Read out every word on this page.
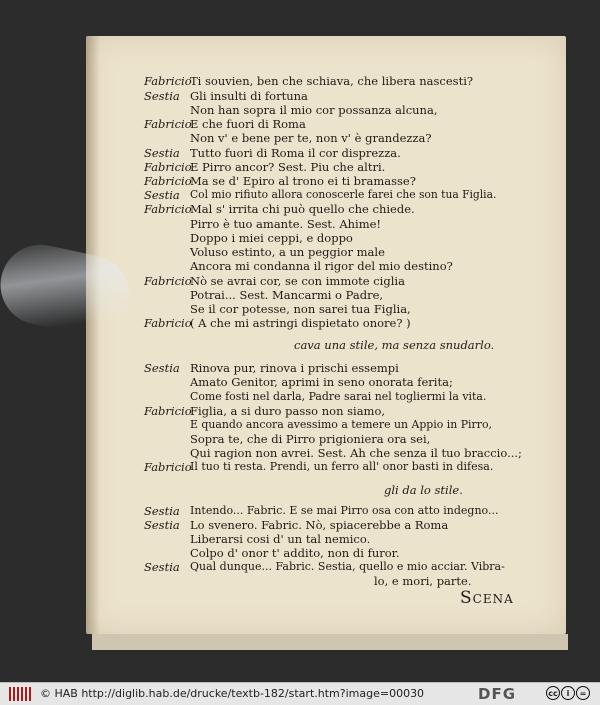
Fabricio
Ti souvien, ben che schiava, che libera nascesti?
Sestia Gli insulti di fortuna
Non han sopra il mio cor possanza alcuna,
Fabricio
E che fuori di Roma
Non v' e bene per te, non v' è grandezza?
Sestia Tutto fuori di Roma il cor disprezza.
Fabricio
E Pirro ancor? Sest. Piu che altri.
Fabricio
Ma se d' Epiro al trono ei ti bramasse?
Sestia Col mio rifiuto allora conoscerle farei che son tua Figlia.
Fabricio
Mal s' irrita chi può quello che chiede.
Pirro è tuo amante. Sest. Ahime!
Doppo i miei ceppi, e doppo
Voluso estinto, a un peggior male
Ancora mi condanna il rigor del mio destino?
Fabricio
Nò se avrai cor, se con immote ciglia
Potrai... Sest. Mancarmi o Padre,
Se il cor potesse, non sarei tua Figlia,
Fabricio
( A che mi astringi dispietato onore? )
cava una stile, ma senza snudarlo.
Sestia Rinova pur, rinova i prischi essempi
Amato Genitor, aprimi in seno onorata ferita;
Come fosti nel darla, Padre sarai nel togliermi la vita.
Fabricio
Figlia, a si duro passo non siamo,
E quando ancora avessimo a temere un Appio in Pirro,
Sopra te, che di Pirro prigioniera ora sei,
Qui ragion non avrei. Sest. Ah che senza il tuo braccio...;
Fabricio
Il tuo ti resta. Prendi, un ferro all' onor basti in difesa.
gli da lo stile.
Sestia Intendo... Fabric. E se mai Pirro osa con atto indegno...
Sestia Lo svenero. Fabric. Nò, spiacerebbe a Roma
Liberarsi cosi d' un tal nemico.
Colpo d' onor t' addito, non di furor.
Sestia Qual dunque... Fabric. Sestia, quello e mio acciar. Vibra-
lo, e mori, parte.
Scena
© HAB http://diglib.hab.de/drucke/textb-182/start.htm?image=00030	DFG	cc i =
